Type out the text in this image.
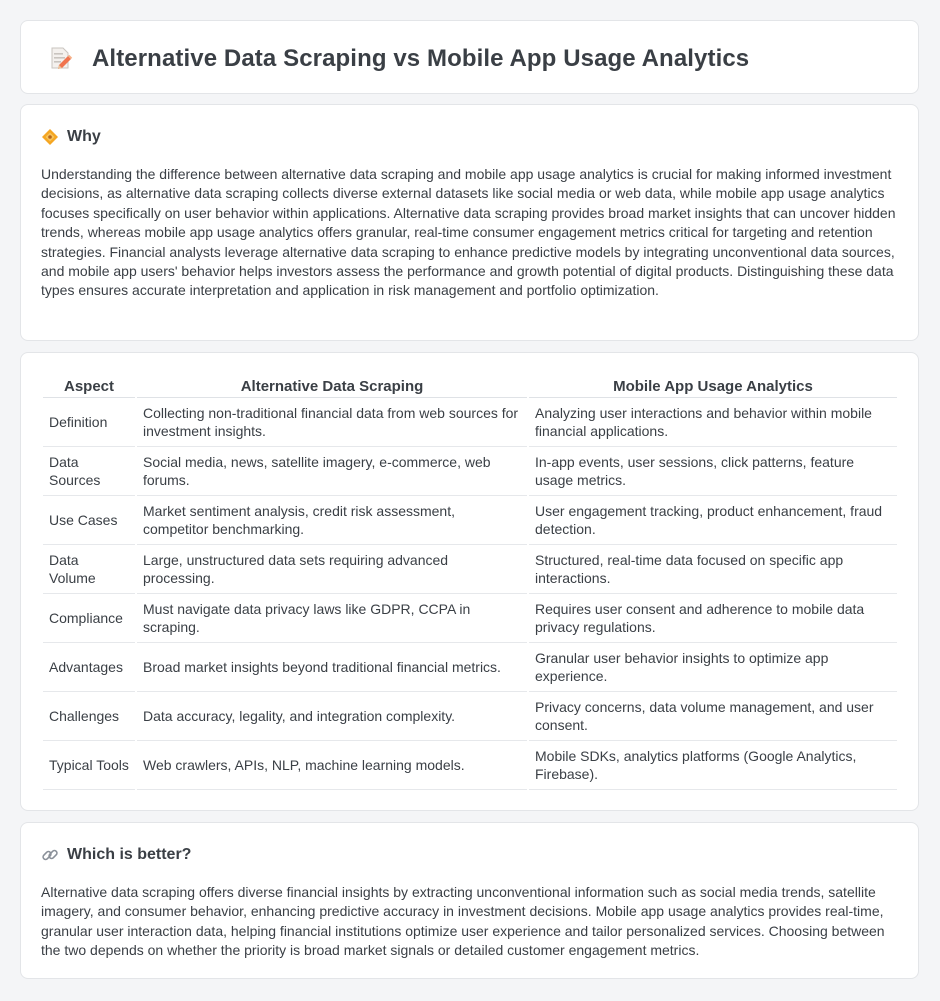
Alternative Data Scraping vs Mobile App Usage Analytics
Why

Understanding the difference between alternative data scraping and mobile app usage analytics is crucial for making informed investment decisions, as alternative data scraping collects diverse external datasets like social media or web data, while mobile app usage analytics focuses specifically on user behavior within applications. Alternative data scraping provides broad market insights that can uncover hidden trends, whereas mobile app usage analytics offers granular, real-time consumer engagement metrics critical for targeting and retention strategies. Financial analysts leverage alternative data scraping to enhance predictive models by integrating unconventional data sources, and mobile app users' behavior helps investors assess the performance and growth potential of digital products. Distinguishing these data types ensures accurate interpretation and application in risk management and portfolio optimization.

Aspect	Alternative Data Scraping	Mobile App Usage Analytics
Definition	Collecting non-traditional financial data from web sources for investment insights.	Analyzing user interactions and behavior within mobile financial applications.
Data Sources	Social media, news, satellite imagery, e-commerce, web forums.	In-app events, user sessions, click patterns, feature usage metrics.
Use Cases	Market sentiment analysis, credit risk assessment, competitor benchmarking.	User engagement tracking, product enhancement, fraud detection.
Data Volume	Large, unstructured data sets requiring advanced processing.	Structured, real-time data focused on specific app interactions.
Compliance	Must navigate data privacy laws like GDPR, CCPA in scraping.	Requires user consent and adherence to mobile data privacy regulations.
Advantages	Broad market insights beyond traditional financial metrics.	Granular user behavior insights to optimize app experience.
Challenges	Data accuracy, legality, and integration complexity.	Privacy concerns, data volume management, and user consent.
Typical Tools	Web crawlers, APIs, NLP, machine learning models.	Mobile SDKs, analytics platforms (Google Analytics, Firebase).
Which is better?

Alternative data scraping offers diverse financial insights by extracting unconventional information such as social media trends, satellite imagery, and consumer behavior, enhancing predictive accuracy in investment decisions. Mobile app usage analytics provides real-time, granular user interaction data, helping financial institutions optimize user experience and tailor personalized services. Choosing between the two depends on whether the priority is broad market signals or detailed customer engagement metrics.
